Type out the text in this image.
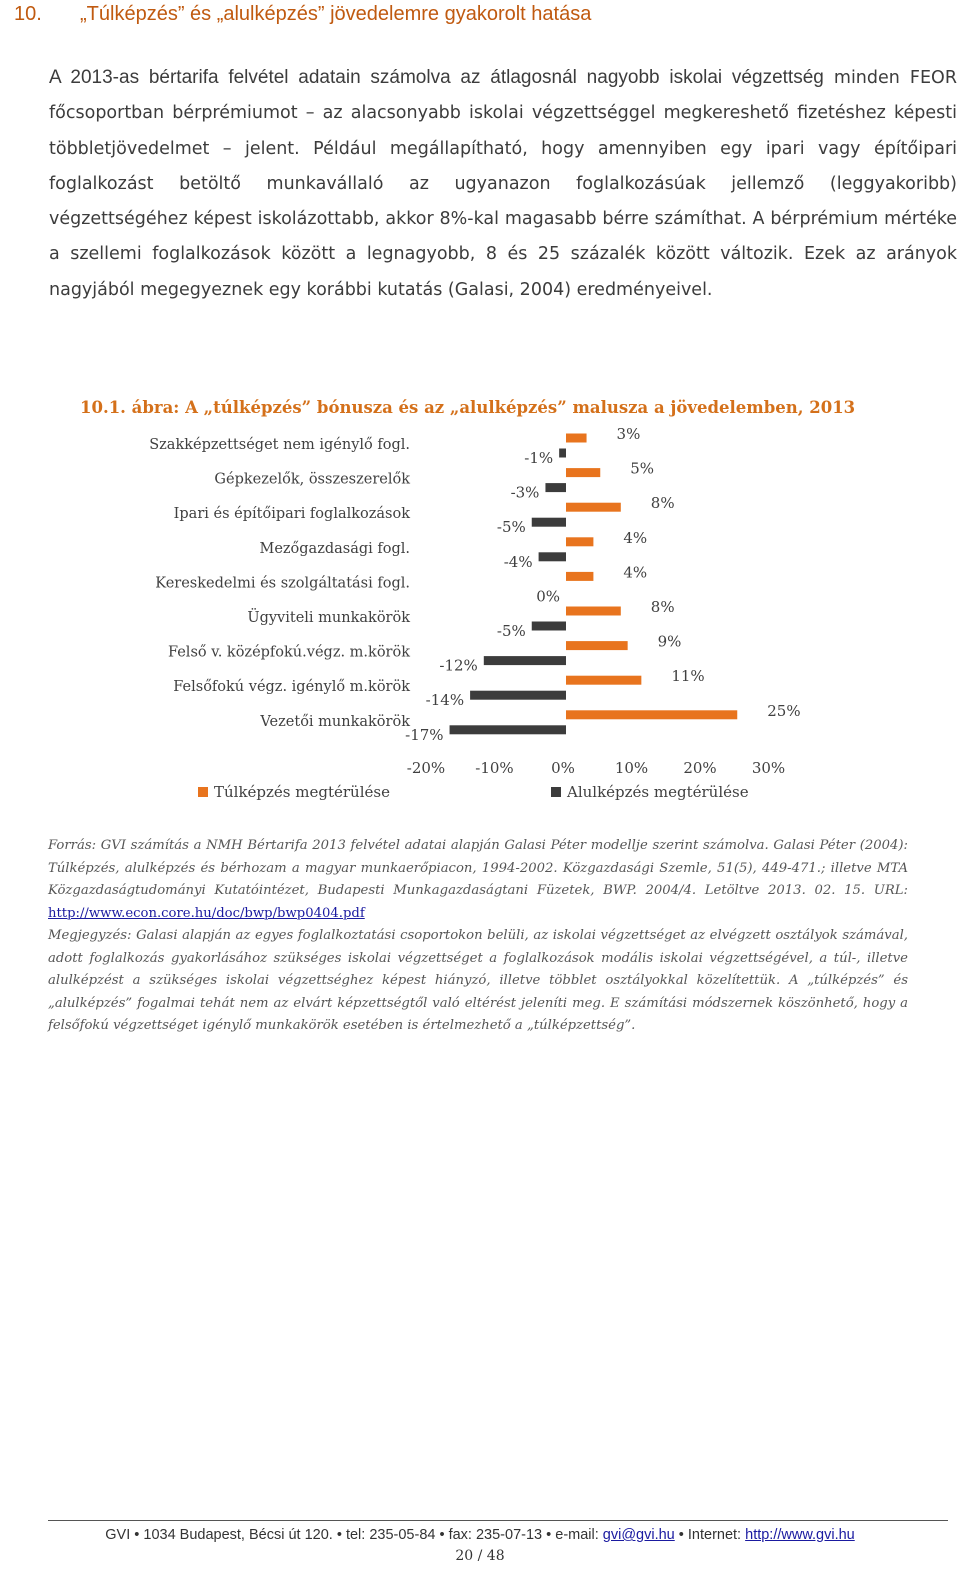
10. „Túlképzés” és „alulképzés” jövedelemre gyakorolt hatása

A 2013-as bértarifa felvétel adatain számolva az átlagosnál nagyobb iskolai végzettség minden FEOR főcsoportban bérprémiumot – az alacsonyabb iskolai végzettséggel megkereshető fizetéshez képesti többletjövedelmet – jelent. Például megállapítható, hogy amennyiben egy ipari vagy építőipari foglalkozást betöltő munkavállaló az ugyanazon foglalkozásúak jellemző (leggyakoribb) végzettségéhez képest iskolázottabb, akkor 8%-kal magasabb bérre számíthat. A bérprémium mértéke a szellemi foglalkozások között a legnagyobb, 8 és 25 százalék között változik. Ezek az arányok nagyjából megegyeznek egy korábbi kutatás (Galasi, 2004) eredményeivel.

10.1. ábra: A „túlképzés” bónusza és az „alulképzés” malusza a jövedelemben, 2013
Szakképzettséget nem igénylő fogl.
3%
-1%
Gépkezelők, összeszerelők
5%
-3%
Ipari és építőipari foglalkozások
8%
-5%
Mezőgazdasági fogl.
4%
-4%
Kereskedelmi és szolgáltatási fogl.
4%
0%
Ügyviteli munkakörök
8%
-5%
Felső v. középfokú.végz. m.körök
9%
-12%
Felsőfokú végz. igénylő m.körök
11%
-14%
Vezetői munkakörök
25%
-17%
-20% -10% 0%	10% 20% 30%
Túlképzés megtérülése	Alulképzés megtérülése

Forrás: GVI számítás a NMH Bértarifa 2013 felvétel adatai alapján Galasi Péter modellje szerint számolva. Galasi Péter (2004): Túlképzés, alulképzés és bérhozam a magyar munkaerőpiacon, 1994-2002. Közgazdasági Szemle, 51(5), 449-471.; illetve MTA Közgazdaságtudományi Kutatóintézet, Budapesti Munkagazdaságtani Füzetek, BWP. 2004/4. Letöltve 2013. 02. 15. URL: http://www.econ.core.hu/doc/bwp/bwp0404.pdf

Megjegyzés: Galasi alapján az egyes foglalkoztatási csoportokon belüli, az iskolai végzettséget az elvégzett osztályok számával, adott foglalkozás gyakorlásához szükséges iskolai végzettséget a foglalkozások modális iskolai végzettségével, a túl-, illetve alulképzést a szükséges iskolai végzettséghez képest hiányzó, illetve többlet osztályokkal közelítettük. A „túlképzés” és „alulképzés” fogalmai tehát nem az elvárt képzettségtől való eltérést jeleníti meg. E számítási módszernek köszönhető, hogy a felsőfokú végzettséget igénylő munkakörök esetében is értelmezhető a „túlképzettség”.

GVI • 1034 Budapest, Bécsi út 120. • tel: 235-05-84 • fax: 235-07-13 • e-mail: gvi@gvi.hu • Internet: http://www.gvi.hu
20 / 48
